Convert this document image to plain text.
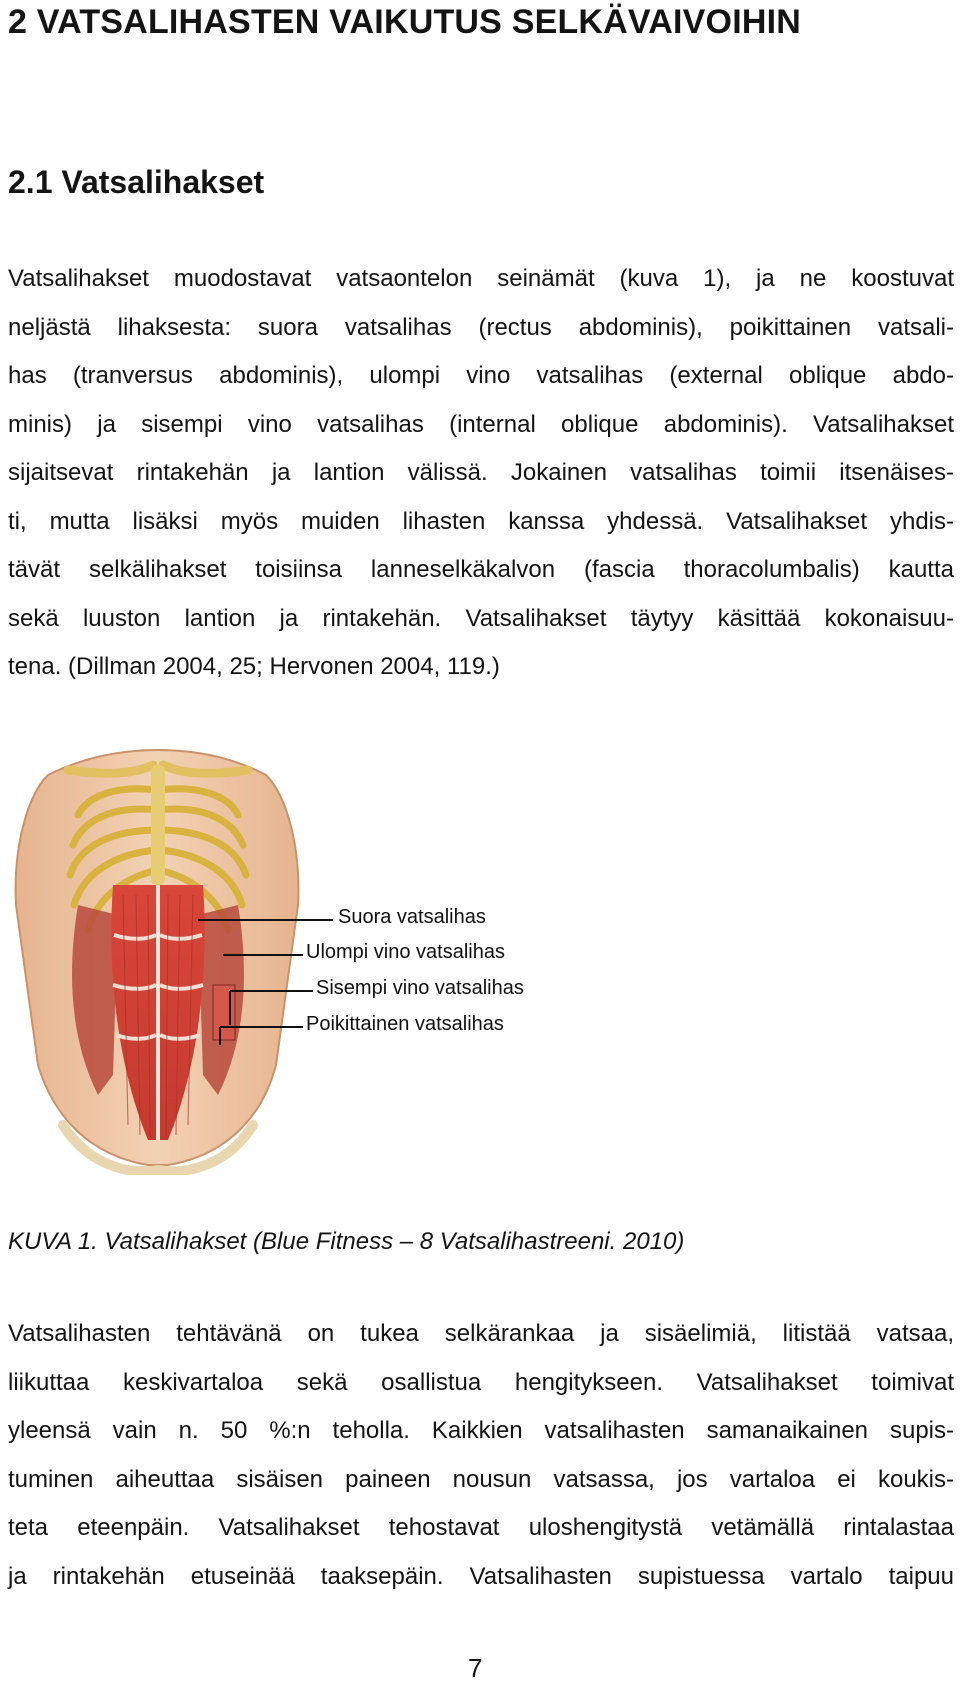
2 VATSALIHASTEN VAIKUTUS SELKÄVAIVOIHIN
2.1 Vatsalihakset

Vatsalihakset muodostavat vatsaontelon seinämät (kuva 1), ja ne koostuvat
neljästä lihaksesta: suora vatsalihas (rectus abdominis), poikittainen vatsali-
has (tranversus abdominis), ulompi vino vatsalihas (external oblique abdo-
minis) ja sisempi vino vatsalihas (internal oblique abdominis). Vatsalihakset
sijaitsevat rintakehän ja lantion välissä. Jokainen vatsalihas toimii itsenäises-
ti, mutta lisäksi myös muiden lihasten kanssa yhdessä. Vatsalihakset yhdis-
tävät selkälihakset toisiinsa lanneselkäkalvon (fascia thoracolumbalis) kautta
sekä luuston lantion ja rintakehän. Vatsalihakset täytyy käsittää kokonaisuu-
tena. (Dillman 2004, 25; Hervonen 2004, 119.)

Suora vatsalihas
Ulompi vino vatsalihas
Sisempi vino vatsalihas
Poikittainen vatsalihas

KUVA 1. Vatsalihakset (Blue Fitness – 8 Vatsalihastreeni. 2010)

Vatsalihasten tehtävänä on tukea selkärankaa ja sisäelimiä, litistää vatsaa,
liikuttaa keskivartaloa sekä osallistua hengitykseen. Vatsalihakset toimivat
yleensä vain n. 50 %:n teholla. Kaikkien vatsalihasten samanaikainen supis-
tuminen aiheuttaa sisäisen paineen nousun vatsassa, jos vartaloa ei koukis-
teta eteenpäin. Vatsalihakset tehostavat uloshengitystä vetämällä rintalastaa
ja rintakehän etuseinää taaksepäin. Vatsalihasten supistuessa vartalo taipuu

7
